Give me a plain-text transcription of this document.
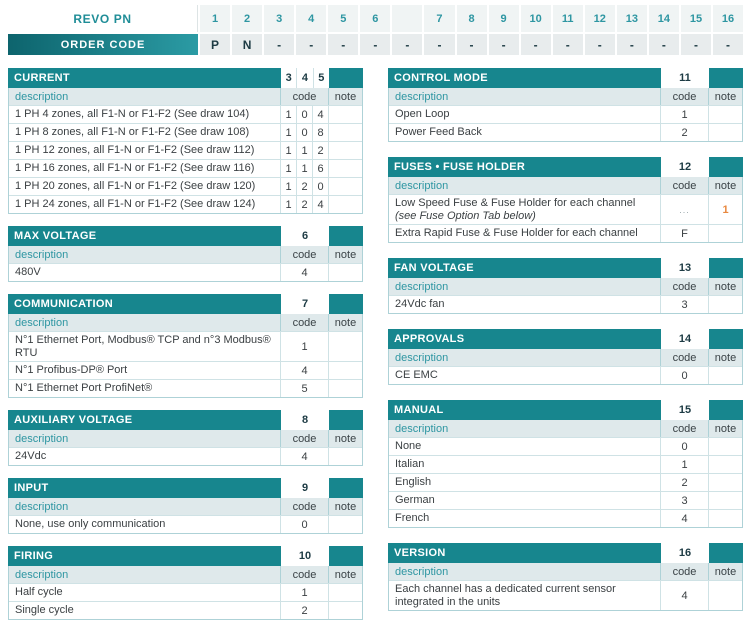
REVO PN	1	2	3	4	5	6	7	8	9	10	11	12	13	14	15	16
ORDER CODE	P	N	-	-	-	-	-	-	-	-	-	-	-	-	-	-	-
CURRENT	3 4 5
description	code	note
1 PH 4 zones, all F1-N or F1-F2 (See draw 104)	1 0 4
1 PH 8 zones, all F1-N or F1-F2 (See draw 108)	1 0 8
1 PH 12 zones, all F1-N or F1-F2 (See draw 112)	1 1 2
1 PH 16 zones, all F1-N or F1-F2 (See draw 116)	1 1 6
1 PH 20 zones, all F1-N or F1-F2 (See draw 120)	1 2 0
1 PH 24 zones, all F1-N or F1-F2 (See draw 124)	1 2 4
MAX VOLTAGE	6
description	code	note
480V	4
COMMUNICATION	7
description	code	note
N°1 Ethernet Port, Modbus® TCP and n°3 Modbus® RTU	1
N°1 Profibus-DP® Port	4
N°1 Ethernet Port ProfiNet®	5
AUXILIARY VOLTAGE	8
description	code	note
24Vdc	4
INPUT	9
description	code	note
None, use only communication	0
FIRING	10
description	code	note
Half cycle	1
Single cycle	2
CONTROL MODE	11
description	code	note
Open Loop	1
Power Feed Back	2
FUSES • FUSE HOLDER	12
description	code	note
Low Speed Fuse & Fuse Holder for each channel
(see Fuse Option Tab below)	...	1
Extra Rapid Fuse & Fuse Holder for each channel	F
FAN VOLTAGE	13
description	code	note
24Vdc fan	3
APPROVALS	14
description	code	note
CE EMC	0
MANUAL	15
description	code	note
None	0
Italian	1
English	2
German	3
French	4
VERSION	16
description	code	note
Each channel has a dedicated current sensor integrated in the units	4
